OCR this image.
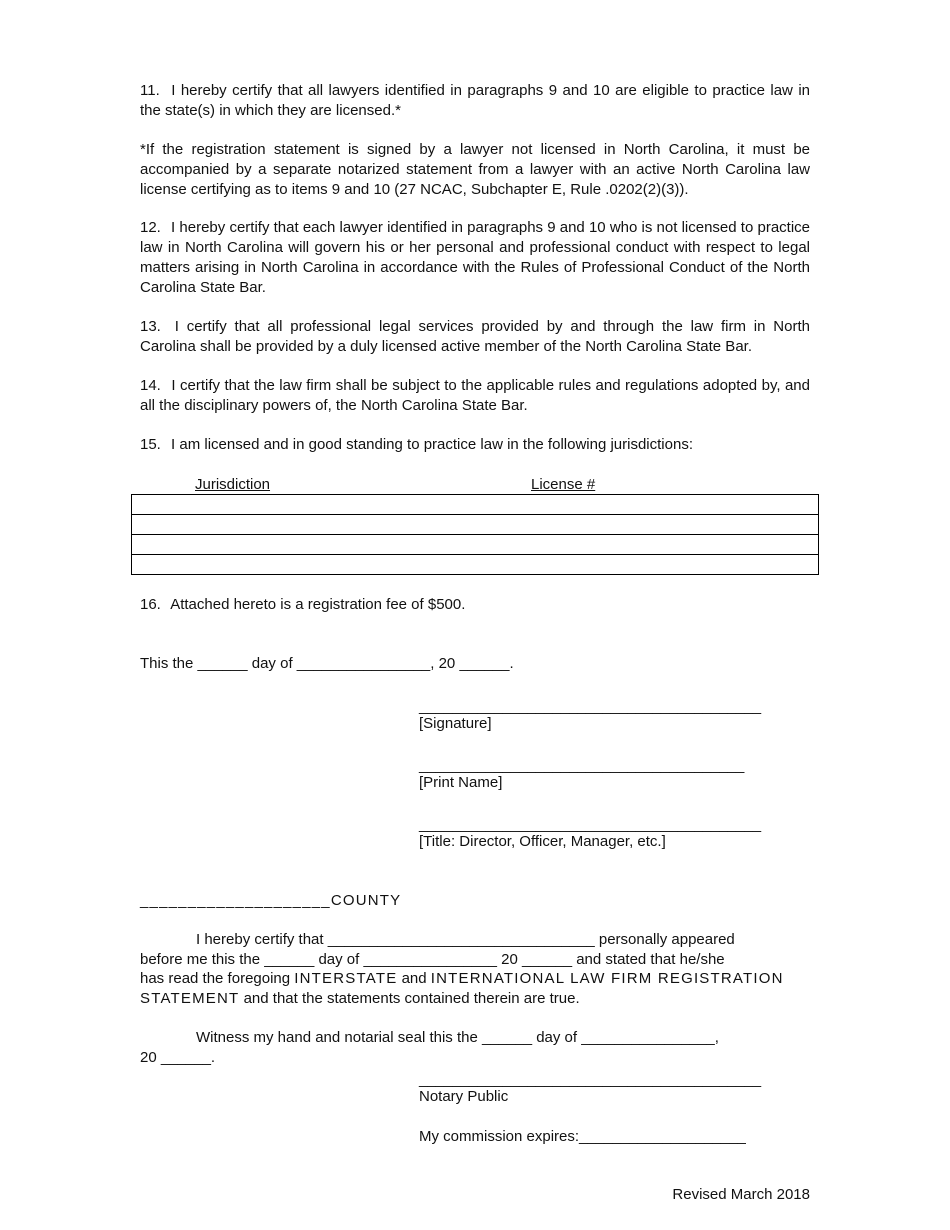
11. I hereby certify that all lawyers identified in paragraphs 9 and 10 are eligible to practice law in the state(s) in which they are licensed.*

*If the registration statement is signed by a lawyer not licensed in North Carolina, it must be accompanied by a separate notarized statement from a lawyer with an active North Carolina law license certifying as to items 9 and 10 (27 NCAC, Subchapter E, Rule .0202(2)(3)).

12. I hereby certify that each lawyer identified in paragraphs 9 and 10 who is not licensed to practice law in North Carolina will govern his or her personal and professional conduct with respect to legal matters arising in North Carolina in accordance with the Rules of Professional Conduct of the North Carolina State Bar.

13. I certify that all professional legal services provided by and through the law firm in North Carolina shall be provided by a duly licensed active member of the North Carolina State Bar.

14. I certify that the law firm shall be subject to the applicable rules and regulations adopted by, and all the disciplinary powers of, the North Carolina State Bar.

15. I am licensed and in good standing to practice law in the following jurisdictions:

Jurisdiction	License #

16. Attached hereto is a registration fee of $500.

This the ______ day of ________________, 20 ______.
_________________________________________
[Signature]
_______________________________________
[Print Name]
_________________________________________
[Title: Director, Officer, Manager, etc.]
____________________COUNTY
I hereby certify that ________________________________ personally appeared
before me this the ______ day of ________________ 20 ______ and stated that he/she
has read the foregoing INTERSTATE and INTERNATIONAL LAW FIRM REGISTRATION
STATEMENT and that the statements contained therein are true.
Witness my hand and notarial seal this the ______ day of ________________,
20 ______.
_________________________________________
Notary Public
My commission expires:____________________
Revised March 2018
